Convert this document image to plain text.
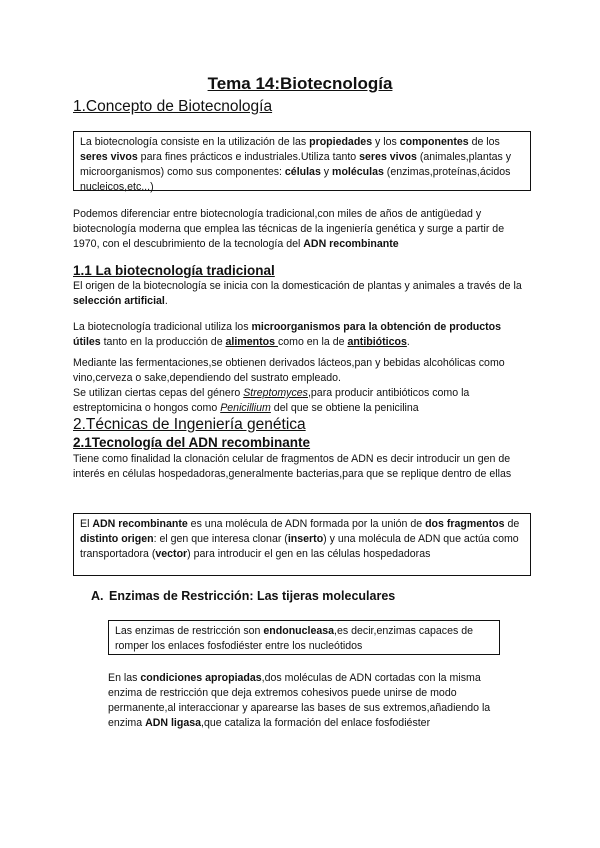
Tema 14:Biotecnología
1.Concepto de Biotecnología

La biotecnología consiste en la utilización de las propiedades y los componentes de los seres vivos para fines prácticos e industriales.Utiliza tanto seres vivos (animales,plantas y microorganismos) como sus componentes: células y moléculas (enzimas,proteínas,ácidos nucleicos,etc...)

Podemos diferenciar entre biotecnología tradicional,con miles de años de antigüedad y biotecnología moderna que emplea las técnicas de la ingeniería genética y surge a partir de 1970, con el descubrimiento de la tecnología del ADN recombinante

1.1 La biotecnología tradicional

El origen de la biotecnología se inicia con la domesticación de plantas y animales a través de la selección artificial.

La biotecnología tradicional utiliza los microorganismos para la obtención de productos útiles tanto en la producción de alimentos como en la de antibióticos.

Mediante las fermentaciones,se obtienen derivados lácteos,pan y bebidas alcohólicas como vino,cerveza o sake,dependiendo del sustrato empleado.

Se utilizan ciertas cepas del género Streptomyces,para producir antibióticos como la estreptomicina o hongos como Penicillium del que se obtiene la penicilina

2.Técnicas de Ingeniería genética
2.1Tecnología del ADN recombinante
Tiene como finalidad la clonación celular de fragmentos de ADN es decir introducir un gen de interés en células hospedadoras,generalmente bacterias,para que se replique dentro de ellas

El ADN recombinante es una molécula de ADN formada por la unión de dos fragmentos de distinto origen: el gen que interesa clonar (inserto) y una molécula de ADN que actúa como transportadora (vector) para introducir el gen en las células hospedadoras

A. Enzimas de Restricción: Las tijeras moleculares

Las enzimas de restricción son endonucleasa,es decir,enzimas capaces de romper los enlaces fosfodiéster entre los nucleótidos

En las condiciones apropiadas,dos moléculas de ADN cortadas con la misma enzima de restricción que deja extremos cohesivos puede unirse de modo permanente,al interaccionar y aparearse las bases de sus extremos,añadiendo la enzima ADN ligasa,que cataliza la formación del enlace fosfodiéster
